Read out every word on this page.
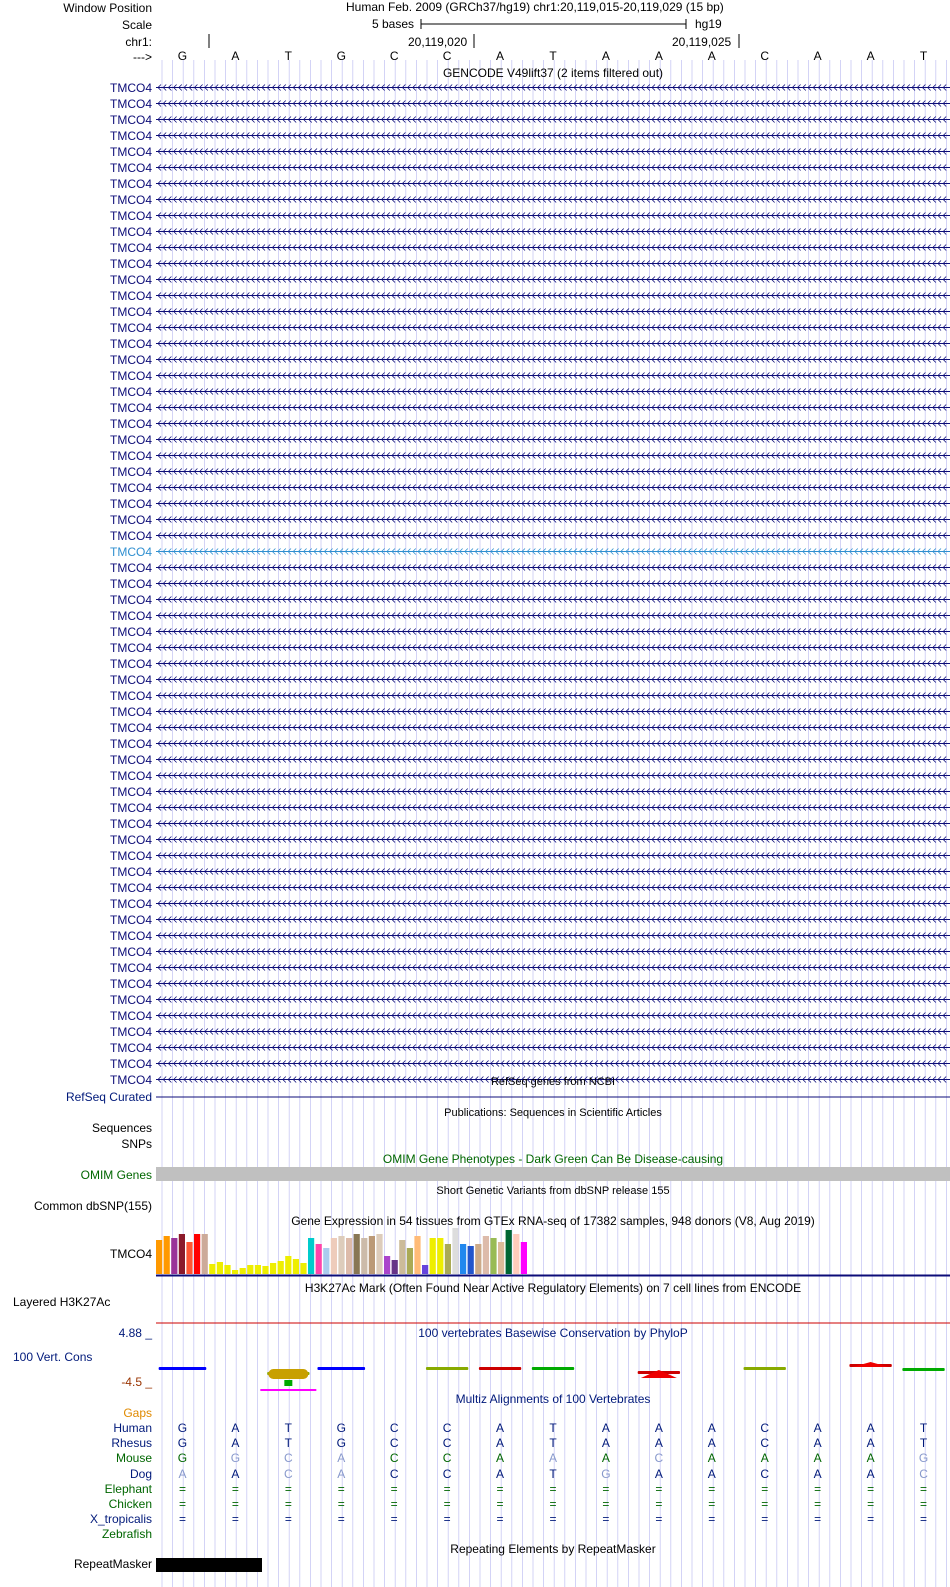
Window Position
Scale
chr1:
--->
Human Feb. 2009 (GRCh37/hg19) chr1:20,119,015-20,119,029 (15 bp)
5 bases	hg19
20,119,020	20,119,025
G	A	T	G	C	C	A	T	A	A	A	C	A	A	T
GENCODE V49lift37 (2 items filtered out)
TMCO4
TMCO4
TMCO4
TMCO4
TMCO4
TMCO4
TMCO4
TMCO4
TMCO4
TMCO4
TMCO4
TMCO4
TMCO4
TMCO4
TMCO4
TMCO4
TMCO4
TMCO4
TMCO4
TMCO4
TMCO4
TMCO4
TMCO4
TMCO4
TMCO4
TMCO4
TMCO4
TMCO4
TMCO4
TMCO4
TMCO4
TMCO4
TMCO4
TMCO4
TMCO4
TMCO4
TMCO4
TMCO4
TMCO4
TMCO4
TMCO4
TMCO4
TMCO4
TMCO4
TMCO4
TMCO4
TMCO4
TMCO4
TMCO4
TMCO4
TMCO4
TMCO4
TMCO4
TMCO4
TMCO4
TMCO4
TMCO4
TMCO4
TMCO4
TMCO4
TMCO4
TMCO4
TMCO4	RefSeq genes from NCBI
RefSeq Curated
Publications: Sequences in Scientific Articles
Sequences
SNPs
OMIM Gene Phenotypes - Dark Green Can Be Disease-causing
OMIM Genes
Short Genetic Variants from dbSNP release 155
Common dbSNP(155)
Gene Expression in 54 tissues from GTEx RNA-seq of 17382 samples, 948 donors (V8, Aug 2019)
TMCO4
H3K27Ac Mark (Often Found Near Active Regulatory Elements) on 7 cell lines from ENCODE
Layered H3K27Ac
100 vertebrates Basewise Conservation by PhyloP
100 Vert. Cons
4.88 _
-4.5 _
Multiz Alignments of 100 Vertebrates
Gaps
Human G	A	T	G	C	C	A	T	A	A	A	C	A	A	T
Rhesus G	A	T	G	C	C	A	T	A	A	A	C	A	A	T
Mouse G	G	C	A	C	C	A	A	A	C	A	A	A	A	G
Dog A	A	C	A	C	C	A	T	G	A	A	C	A	A	C
Elephant =	=	=	=	=	=	=	=	=	=	=	=	=	=	=
Chicken =	=	=	=	=	=	=	=	=	=	=	=	=	=	=
X_tropicalis =	=	=	=	=	=	=	=	=	=	=	=	=	=	=
Zebrafish
Repeating Elements by RepeatMasker
RepeatMasker
